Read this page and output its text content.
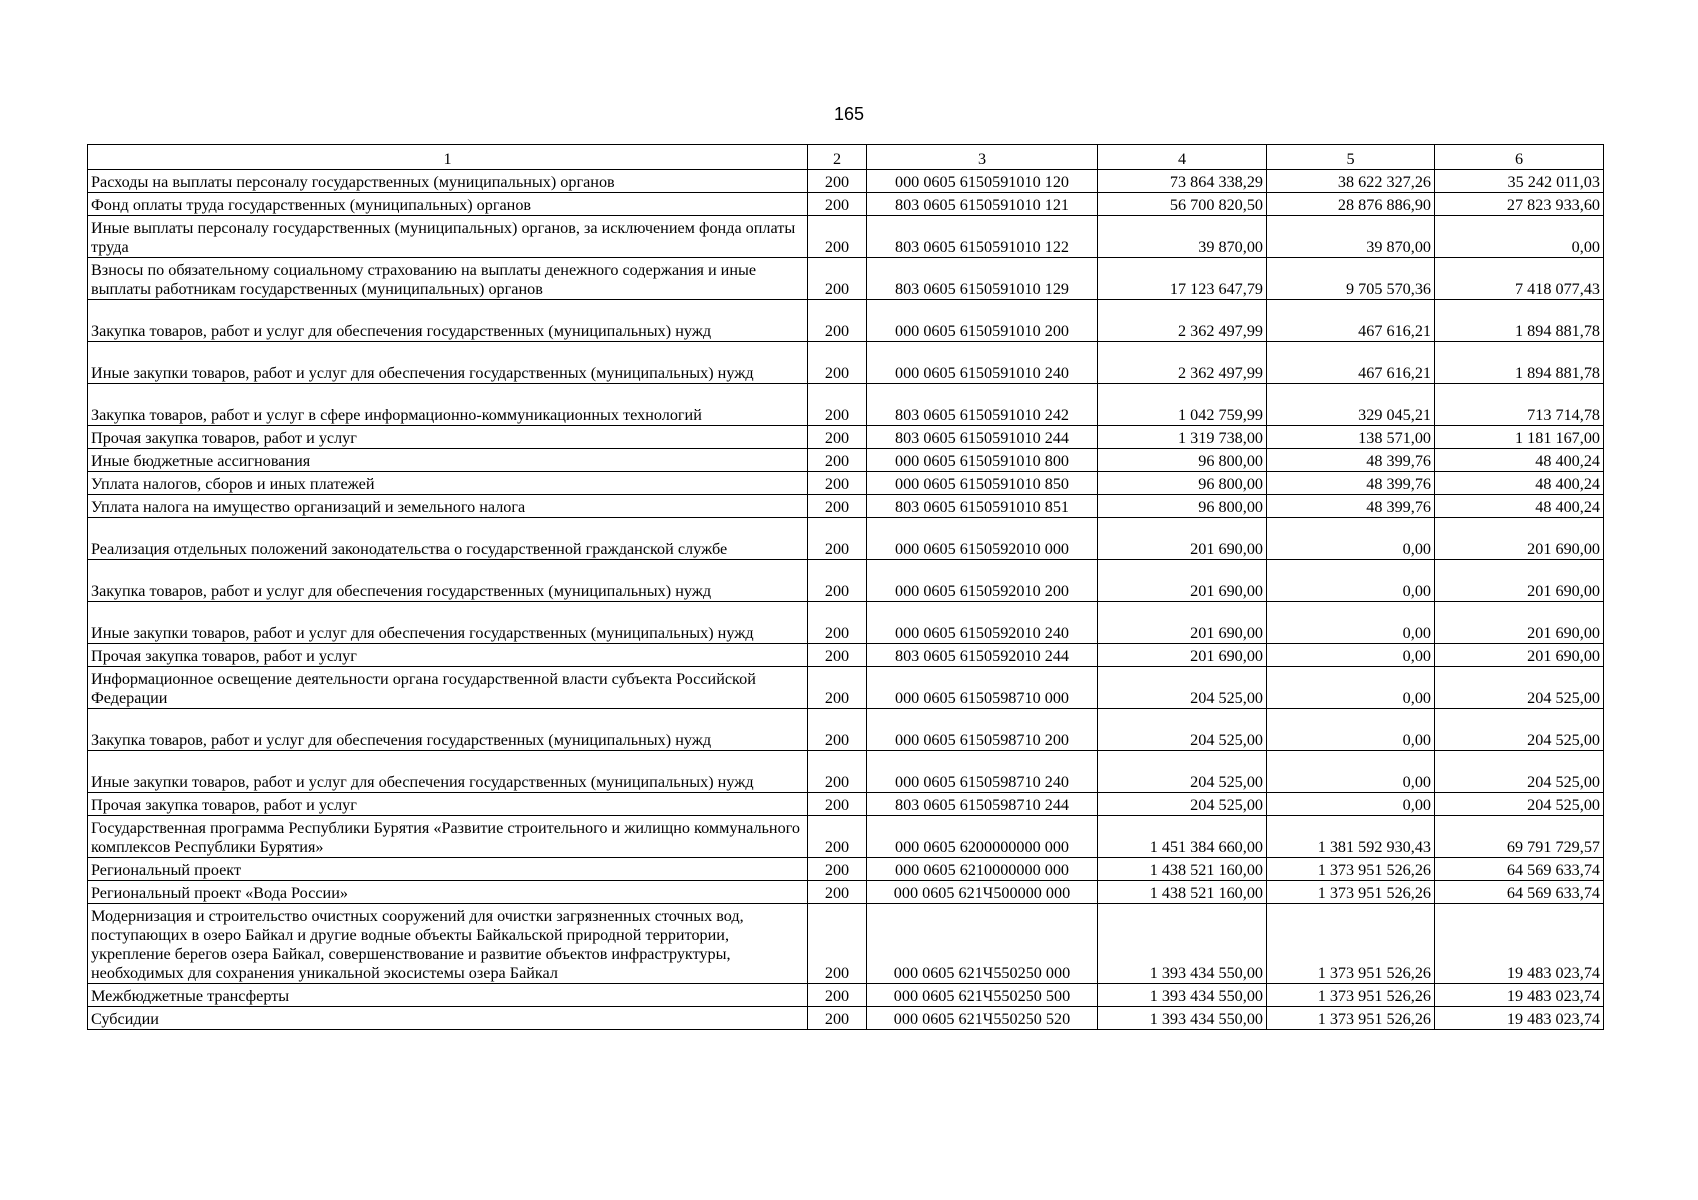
165
1	2	3	4	5	6
Расходы на выплаты персоналу государственных (муниципальных) органов	200	000 0605 6150591010 120	73 864 338,29	38 622 327,26	35 242 011,03
Фонд оплаты труда государственных (муниципальных) органов	200	803 0605 6150591010 121	56 700 820,50	28 876 886,90	27 823 933,60
Иные выплаты персоналу государственных (муниципальных) органов, за исключением фонда оплаты труда	200	803 0605 6150591010 122	39 870,00	39 870,00	0,00
Взносы по обязательному социальному страхованию на выплаты денежного содержания и иные выплаты работникам государственных (муниципальных) органов	200	803 0605 6150591010 129	17 123 647,79	9 705 570,36	7 418 077,43
Закупка товаров, работ и услуг для обеспечения государственных (муниципальных) нужд	200	000 0605 6150591010 200	2 362 497,99	467 616,21	1 894 881,78
Иные закупки товаров, работ и услуг для обеспечения государственных (муниципальных) нужд	200	000 0605 6150591010 240	2 362 497,99	467 616,21	1 894 881,78
Закупка товаров, работ и услуг в сфере информационно-коммуникационных технологий	200	803 0605 6150591010 242	1 042 759,99	329 045,21	713 714,78
Прочая закупка товаров, работ и услуг	200	803 0605 6150591010 244	1 319 738,00	138 571,00	1 181 167,00
Иные бюджетные ассигнования	200	000 0605 6150591010 800	96 800,00	48 399,76	48 400,24
Уплата налогов, сборов и иных платежей	200	000 0605 6150591010 850	96 800,00	48 399,76	48 400,24
Уплата налога на имущество организаций и земельного налога	200	803 0605 6150591010 851	96 800,00	48 399,76	48 400,24
Реализация отдельных положений законодательства о государственной гражданской службе	200	000 0605 6150592010 000	201 690,00	0,00	201 690,00
Закупка товаров, работ и услуг для обеспечения государственных (муниципальных) нужд	200	000 0605 6150592010 200	201 690,00	0,00	201 690,00
Иные закупки товаров, работ и услуг для обеспечения государственных (муниципальных) нужд	200	000 0605 6150592010 240	201 690,00	0,00	201 690,00
Прочая закупка товаров, работ и услуг	200	803 0605 6150592010 244	201 690,00	0,00	201 690,00
Информационное освещение деятельности органа государственной власти субъекта Российской Федерации	200	000 0605 6150598710 000	204 525,00	0,00	204 525,00
Закупка товаров, работ и услуг для обеспечения государственных (муниципальных) нужд	200	000 0605 6150598710 200	204 525,00	0,00	204 525,00
Иные закупки товаров, работ и услуг для обеспечения государственных (муниципальных) нужд	200	000 0605 6150598710 240	204 525,00	0,00	204 525,00
Прочая закупка товаров, работ и услуг	200	803 0605 6150598710 244	204 525,00	0,00	204 525,00
Государственная программа Республики Бурятия «Развитие строительного и жилищно коммунального комплексов Республики Бурятия»	200	000 0605 6200000000 000	1 451 384 660,00	1 381 592 930,43	69 791 729,57
Региональный проект	200	000 0605 6210000000 000	1 438 521 160,00	1 373 951 526,26	64 569 633,74
Региональный проект «Вода России»	200	000 0605 621Ч500000 000	1 438 521 160,00	1 373 951 526,26	64 569 633,74
Модернизация и строительство очистных сооружений для очистки загрязненных сточных вод, поступающих в озеро Байкал и другие водные объекты Байкальской природной территории, укрепление берегов озера Байкал, совершенствование и развитие объектов инфраструктуры, необходимых для сохранения уникальной экосистемы озера Байкал	200	000 0605 621Ч550250 000	1 393 434 550,00	1 373 951 526,26	19 483 023,74
Межбюджетные трансферты	200	000 0605 621Ч550250 500	1 393 434 550,00	1 373 951 526,26	19 483 023,74
Субсидии	200	000 0605 621Ч550250 520	1 393 434 550,00	1 373 951 526,26	19 483 023,74
